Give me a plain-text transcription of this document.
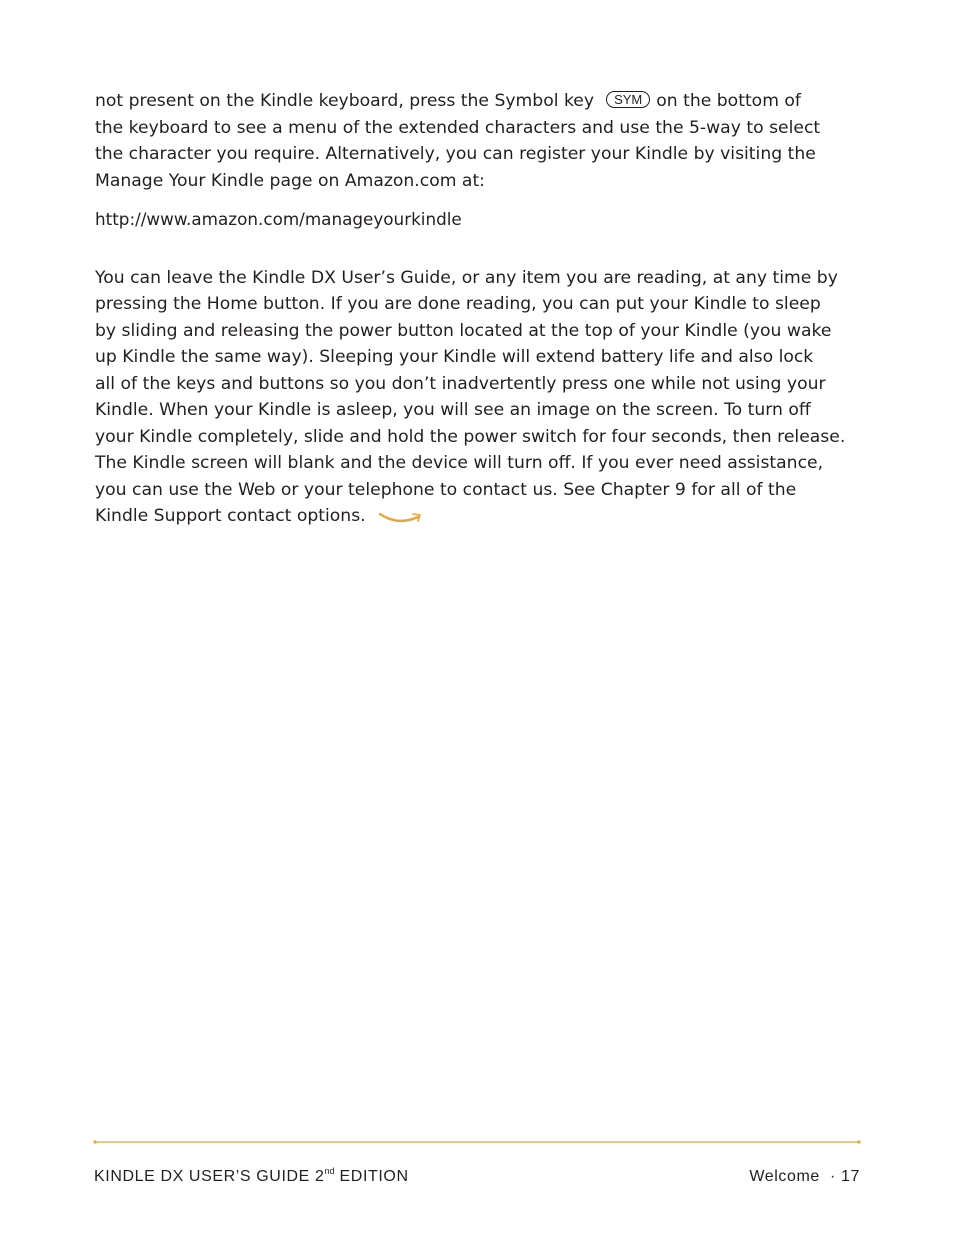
not present on the Kindle keyboard, press the Symbol key SYM on the bottom of
the keyboard to see a menu of the extended characters and use the 5-way to select
the character you require. Alternatively, you can register your Kindle by visiting the
Manage Your Kindle page on Amazon.com at:
http://www.amazon.com/manageyourkindle
You can leave the Kindle DX User’s Guide, or any item you are reading, at any time by
pressing the Home button. If you are done reading, you can put your Kindle to sleep
by sliding and releasing the power button located at the top of your Kindle (you wake
up Kindle the same way). Sleeping your Kindle will extend battery life and also lock
all of the keys and buttons so you don’t inadvertently press one while not using your
Kindle. When your Kindle is asleep, you will see an image on the screen. To turn off
your Kindle completely, slide and hold the power switch for four seconds, then release.
The Kindle screen will blank and the device will turn off. If you ever need assistance,
you can use the Web or your telephone to contact us. See Chapter 9 for all of the
Kindle Support contact options.
KINDLE DX USER’S GUIDE 2nd EDITION	Welcome · 17
